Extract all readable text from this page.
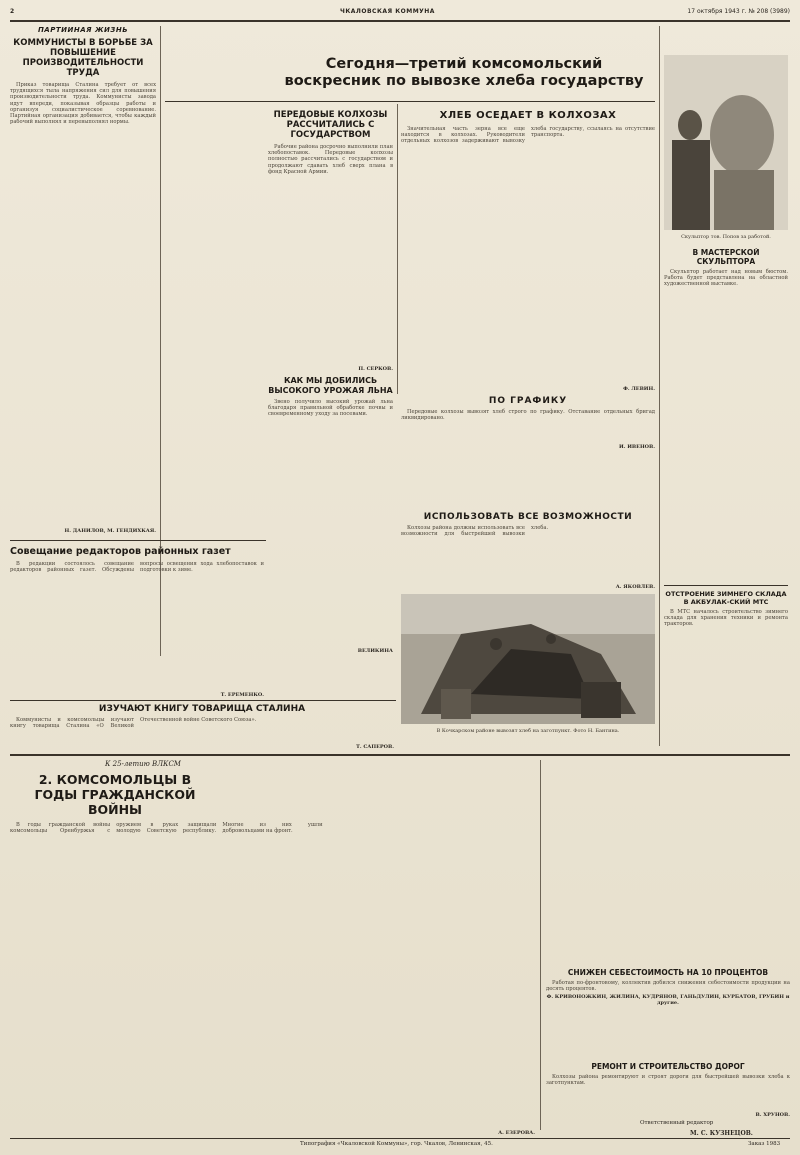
2	ЧКАЛОВСКАЯ КОММУНА	17 октября 1943 г. № 208 (3989)
ПАРТИЙНАЯ ЖИЗНЬ
КОММУНИСТЫ В БОРЬБЕ ЗА ПОВЫШЕНИЕ ПРОИЗВОДИТЕЛЬНОСТИ ТРУДА

Приказ товарища Сталина требует от всех трудящихся тыла напряжения сил для повышения производительности труда. Коммунисты завода идут впереди, показывая образцы работы и организуя социалистическое соревнование. Партийная организация добивается, чтобы каждый рабочий выполнял и перевыполнял нормы.

Н. ДАНИЛОВ, М. ГЕНДИХКАЯ.
Сегодня—третий комсомольский воскресник по вывозке хлеба государству
ПЕРЕДОВЫЕ КОЛХОЗЫ РАССЧИТАЛИСЬ С ГОСУДАРСТВОМ

Рабочие района досрочно выполнили план хлебопоставок. Передовые колхозы полностью рассчитались с государством и продолжают сдавать хлеб сверх плана в фонд Красной Армии.

П. СЕРКОВ.
ХЛЕБ ОСЕДАЕТ В КОЛХОЗАХ

Значительная часть зерна все еще находится в колхозах. Руководители отдельных колхозов задерживают вывозку хлеба государству, ссылаясь на отсутствие транспорта.

Ф. ЛЕВИН.
ПО ГРАФИКУ

Передовые колхозы вывозят хлеб строго по графику. Отставание отдельных бригад ликвидировано.

И. ИВЕНОВ.
КАК МЫ ДОБИЛИСЬ ВЫСОКОГО УРОЖАЯ ЛЬНА

Звено получило высокий урожай льна благодаря правильной обработке почвы и своевременному уходу за посевами.

ВЕЛИКИНА
Совещание редакторов районных газет

В редакции состоялось совещание редакторов районных газет. Обсуждены вопросы освещения хода хлебопоставок и подготовки к зиме.

Т. ЕРЕМЕНКО.
ИЗУЧАЮТ КНИГУ ТОВАРИЩА СТАЛИНА

Коммунисты и комсомольцы изучают книгу товарища Сталина «О Великой Отечественной войне Советского Союза».

Т. САПЕРОВ.
ИСПОЛЬЗОВАТЬ ВСЕ ВОЗМОЖНОСТИ

Колхозы района должны использовать все возможности для быстрейшей вывозки хлеба.

А. ЯКОВЛЕВ.
В Кочкарском районе вывозят хлеб на заготпункт. Фото Н. Бантина.
Скульптор тов. Попов за работой.
В МАСТЕРСКОЙ СКУЛЬПТОРА

Скульптор работает над новым бюстом. Работа будет представлена на областной художественной выставке.

ОТСТРОЕНИЕ ЗИМНЕГО СКЛАДА В АКБУЛАК-СКИЙ МТС

В МТС началось строительство зимнего склада для хранения техники и ремонта тракторов.

К 25-летию ВЛКСМ
2. КОМСОМОЛЬЦЫ В ГОДЫ ГРАЖДАНСКОЙ ВОЙНЫ

В годы гражданской войны комсомольцы Оренбуржья с оружием в руках защищали молодую Советскую республику. Многие из них ушли добровольцами на фронт.

А. ЕЗЕРОВА.
СНИЖЕН СЕБЕСТОИМОСТЬ НА 10 ПРОЦЕНТОВ

Работая по-фронтовому, коллектив добился снижения себестоимости продукции на десять процентов.

Ф. КРИВОНОЖКИН, ЖИЛИНА, КУДРЯНОВ, ГАНЬДУЛИН, КУРБАТОВ, ГРУБИН и другие.
РЕМОНТ И СТРОИТЕЛЬСТВО ДОРОГ

Колхозы района ремонтируют и строят дороги для быстрейшей вывозки хлеба к заготпунктам.

В. ХРУНОВ.
Типография «Чкаловской Коммуны», гор. Чкалов, Ленинская, 45.
Ответственный редактор
М. С. КУЗНЕЦОВ.
Заказ 1983
